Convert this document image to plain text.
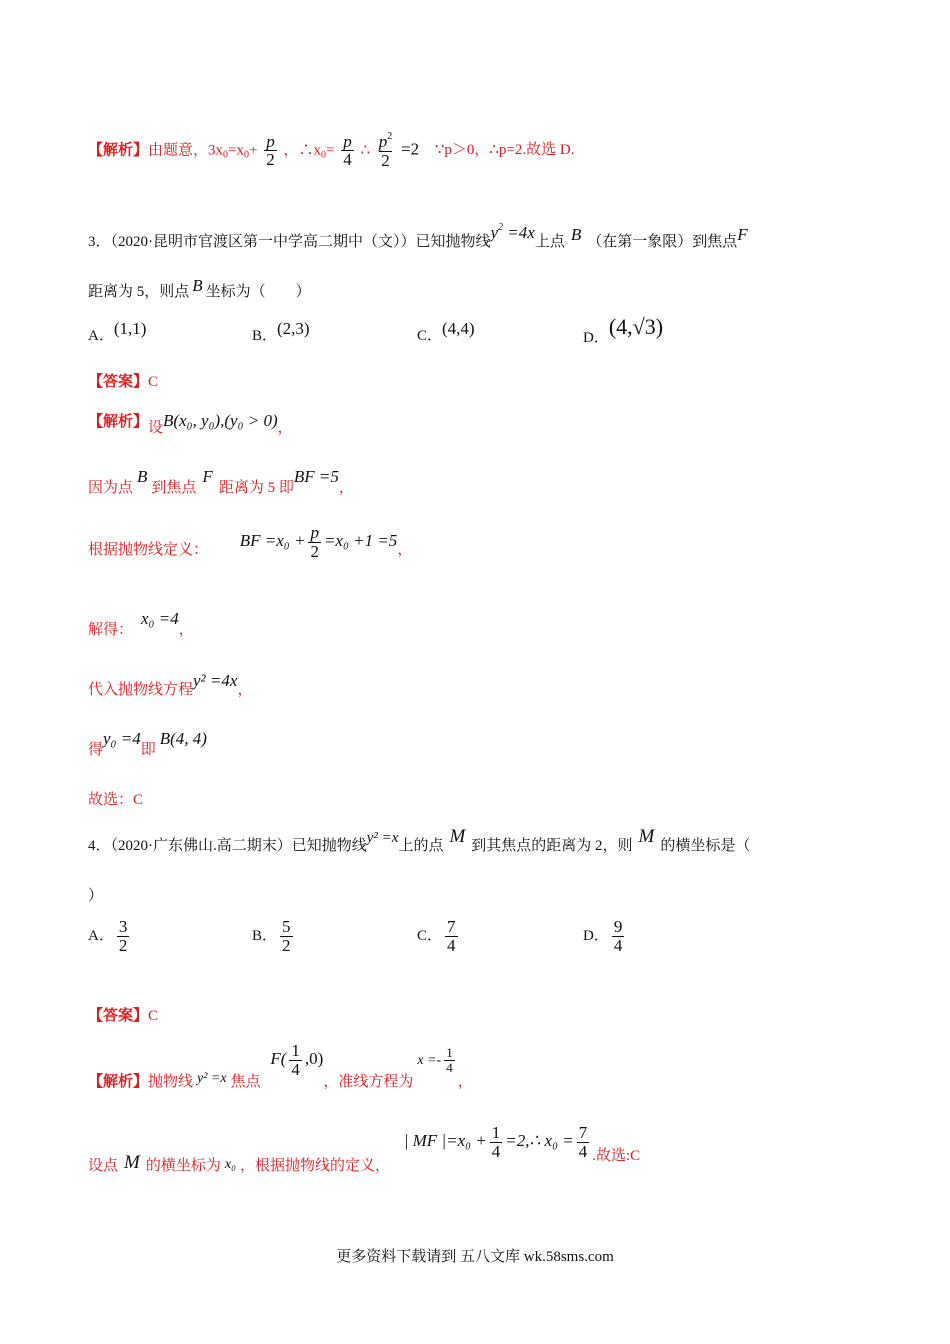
【解析】由题意，$3x_0=x_0+ \frac{p}{2}$ ，$\therefore x_0= \frac{p}{4}$ ∴ $\frac{p^2}{2} =2$ ∵p＞0，∴p=2.故选 D.
3．（2020·昆明市官渡区第一中学高二期中（文））已知抛物线$y^2 =4x$上点 B （在第一象限）到焦点F
距离为 5，则点 B 坐标为（　　）
A．(1,1)	B．(2,3)	C．(4,4)	D．(4,√3)
【答案】C
【解析】设B(x₀, y₀),(y₀ > 0)，
因为点B到焦点F距离为 5 即BF =5，
根据抛物线定义： BF $=x_0 + \frac{p}{2} =x_0 +1 =5$，
解得：x₀ =4，
代入抛物线方程y² =4x，
得y₀ =4即B(4, 4)
故选：C
4．（2020·广东佛山.高二期末）已知抛物线y² =x上的点 M 到其焦点的距离为 2，则 M 的横坐标是（
）
A． $\frac{3}{2}$	B． $\frac{5}{2}$	C． $\frac{7}{4}$	D． $\frac{9}{4}$
【答案】C
【解析】抛物线 y² =x 焦点 $F( \frac{1}{4} ,0)$，准线方程为$x =- \frac{1}{4}$
，
设点 M 的横坐标为 x₀ ，根据抛物线的定义， | MF $|=x_0 + \frac{1}{4}$ =2,∴ $x_0 = \frac{7}{4}$ .故选:C
更多资料下载请到 五八文库 wk.58sms.com
